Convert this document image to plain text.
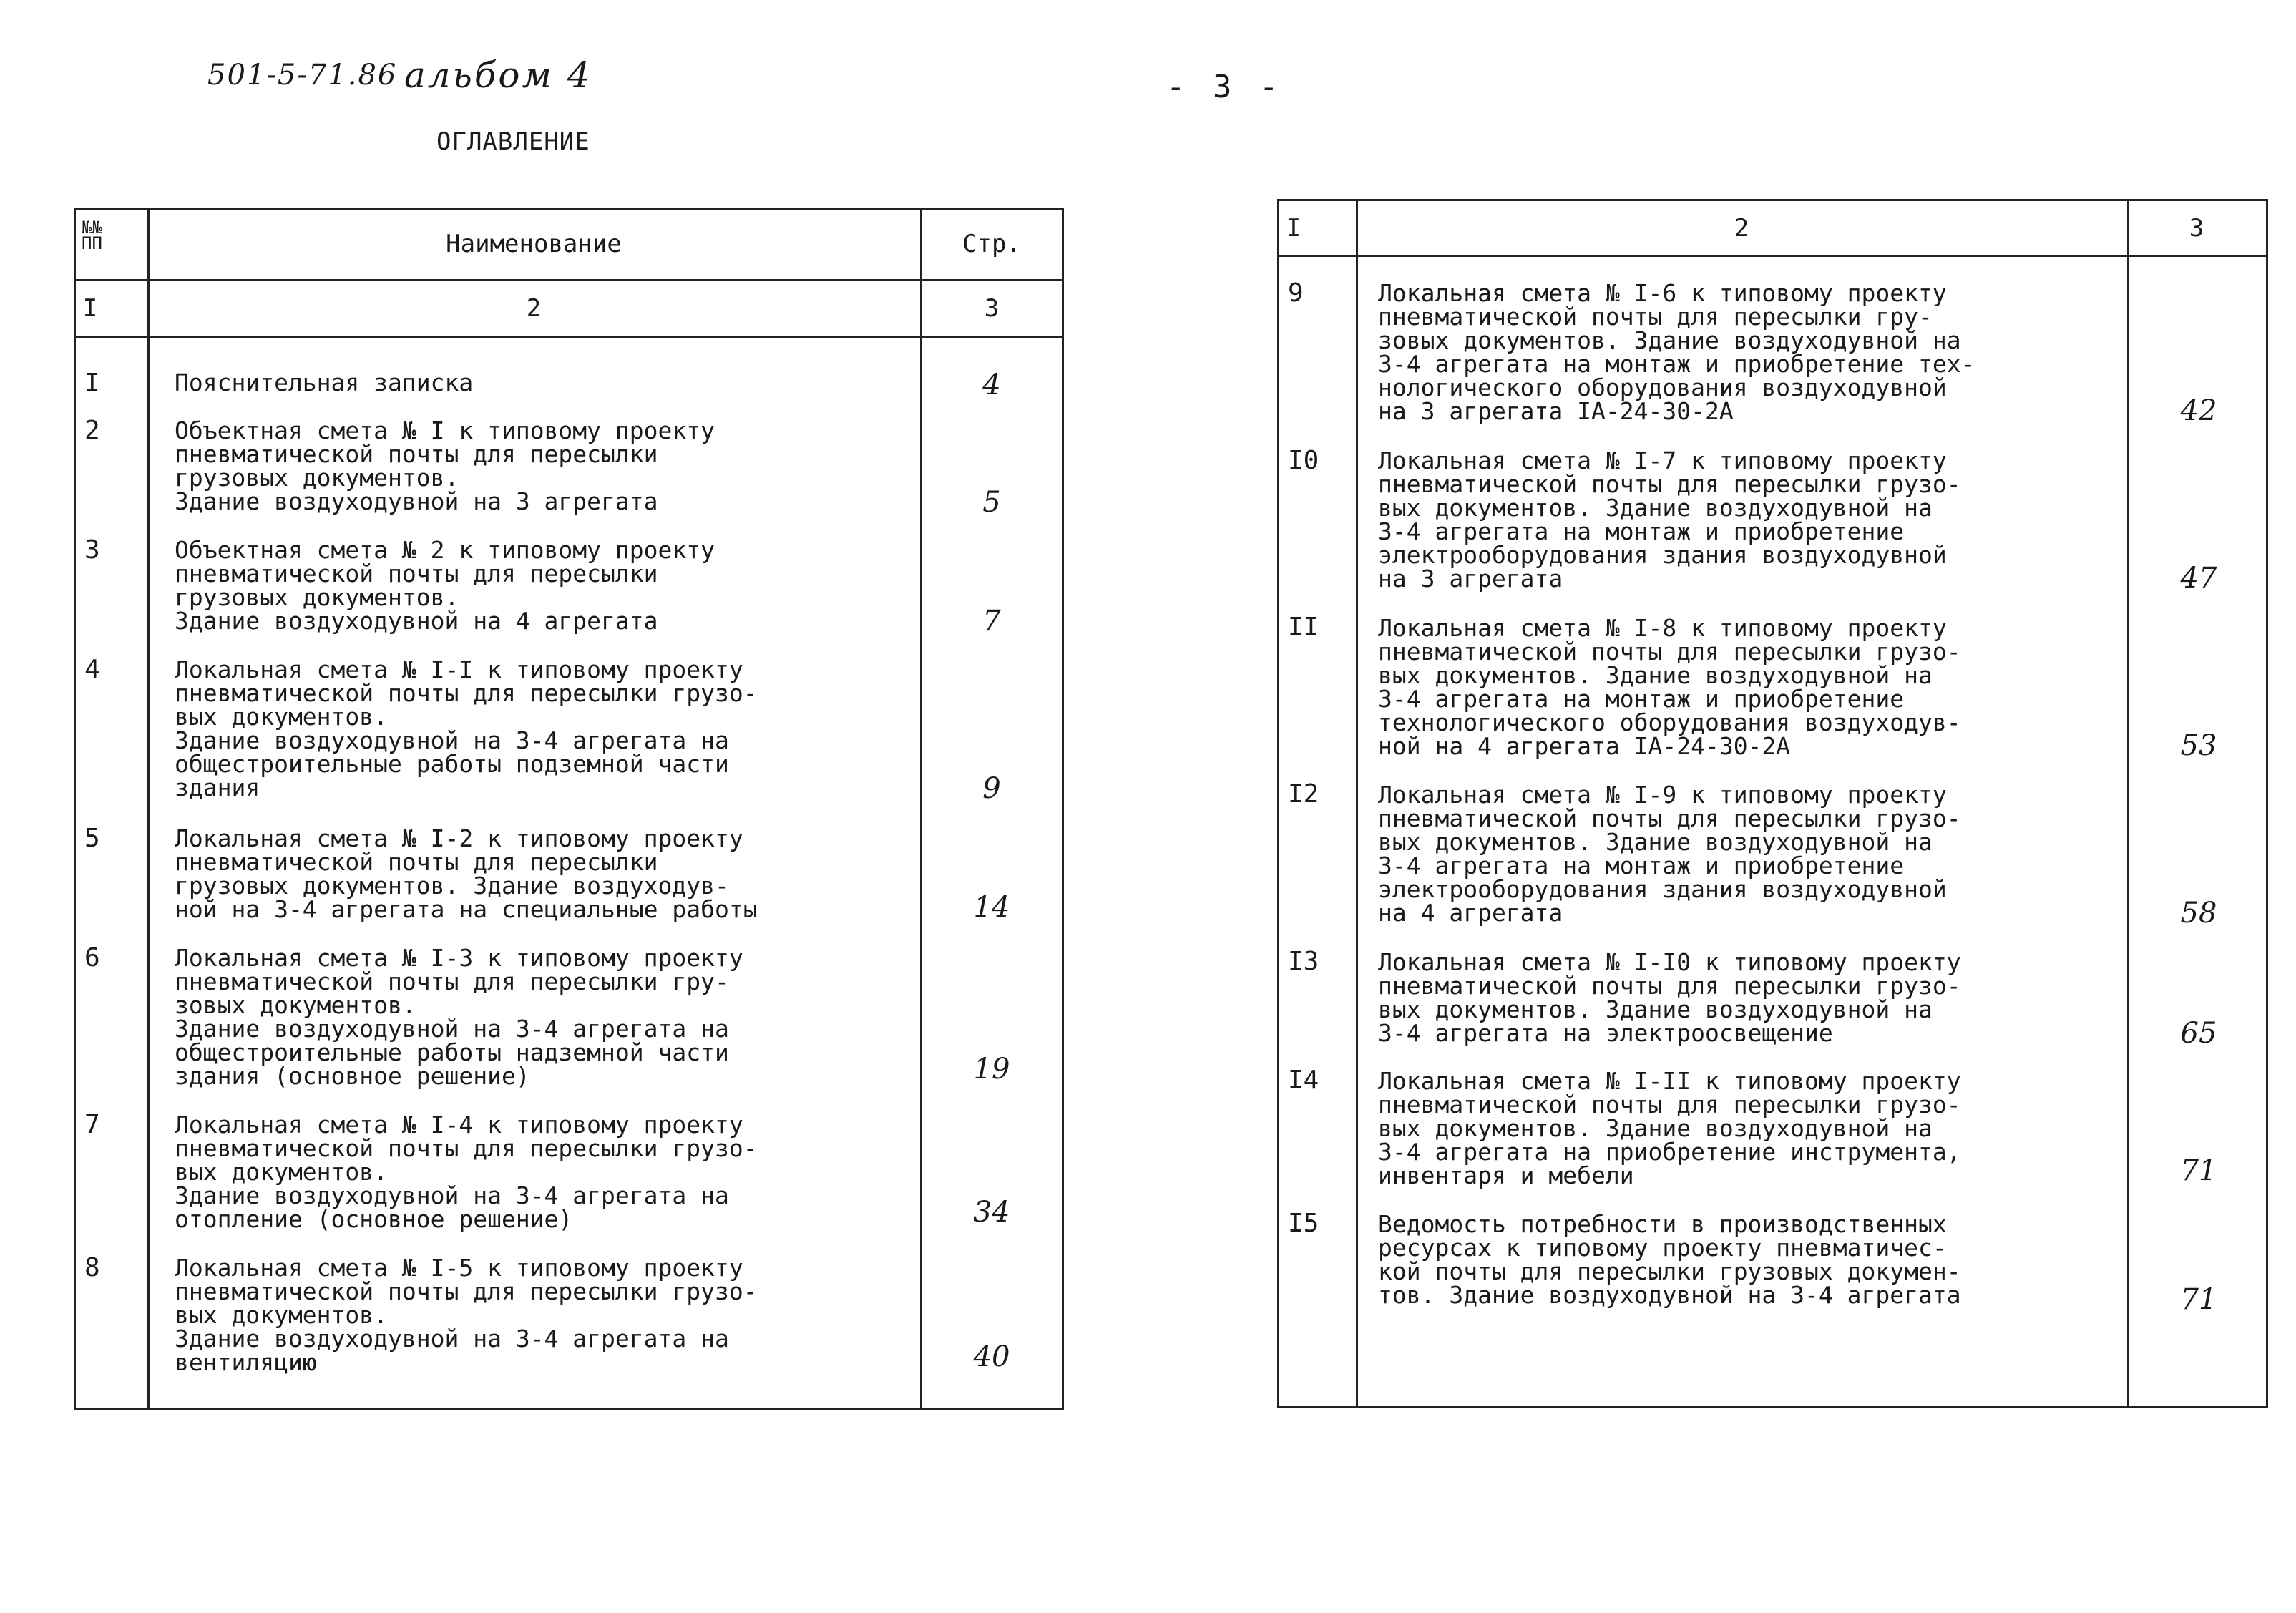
501-5-71.86 альбом 4	- 3 -
ОГЛАВЛЕНИЕ
№№
ПП	Наименование	Стр.
I	2	3
I	Пояснительная записка	4
2	Объектная смета № I к типовому проекту
пневматической почты для пересылки
грузовых документов.
Здание воздуходувной на 3 агрегата	5
3	Объектная смета № 2 к типовому проекту
пневматической почты для пересылки
грузовых документов.
Здание воздуходувной на 4 агрегата	7
4	Локальная смета № I-I к типовому проекту
пневматической почты для пересылки грузо-
вых документов.
Здание воздуходувной на 3-4 агрегата на
общестроительные работы подземной части
здания	9
5	Локальная смета № I-2 к типовому проекту
пневматической почты для пересылки
грузовых документов. Здание воздуходув-
ной на 3-4 агрегата на специальные работы	14
6	Локальная смета № I-3 к типовому проекту
пневматической почты для пересылки гру-
зовых документов.
Здание воздуходувной на 3-4 агрегата на
общестроительные работы надземной части
здания (основное решение)	19
7	Локальная смета № I-4 к типовому проекту
пневматической почты для пересылки грузо-
вых документов.
Здание воздуходувной на 3-4 агрегата на
отопление (основное решение)	34
8	Локальная смета № I-5 к типовому проекту
пневматической почты для пересылки грузо-
вых документов.
Здание воздуходувной на 3-4 агрегата на
вентиляцию	40
I	2	3
9	Локальная смета № I-6 к типовому проекту
пневматической почты для пересылки гру-
зовых документов. Здание воздуходувной на
3-4 агрегата на монтаж и приобретение тех-
нологического оборудования воздуходувной
на 3 агрегата IA-24-30-2A	42
I0	Локальная смета № I-7 к типовому проекту
пневматической почты для пересылки грузо-
вых документов. Здание воздуходувной на
3-4 агрегата на монтаж и приобретение
электрооборудования здания воздуходувной
на 3 агрегата	47
II	Локальная смета № I-8 к типовому проекту
пневматической почты для пересылки грузо-
вых документов. Здание воздуходувной на
3-4 агрегата на монтаж и приобретение
технологического оборудования воздуходув-
ной на 4 агрегата IA-24-30-2A	53
I2	Локальная смета № I-9 к типовому проекту
пневматической почты для пересылки грузо-
вых документов. Здание воздуходувной на
3-4 агрегата на монтаж и приобретение
электрооборудования здания воздуходувной
на 4 агрегата	58
I3	Локальная смета № I-I0 к типовому проекту
пневматической почты для пересылки грузо-
вых документов. Здание воздуходувной на
3-4 агрегата на электроосвещение	65
I4	Локальная смета № I-II к типовому проекту
пневматической почты для пересылки грузо-
вых документов. Здание воздуходувной на
3-4 агрегата на приобретение инструмента,
инвентаря и мебели	71
I5	Ведомость потребности в производственных
ресурсах к типовому проекту пневматичес-
кой почты для пересылки грузовых докумен-
тов. Здание воздуходувной на 3-4 агрегата	71
